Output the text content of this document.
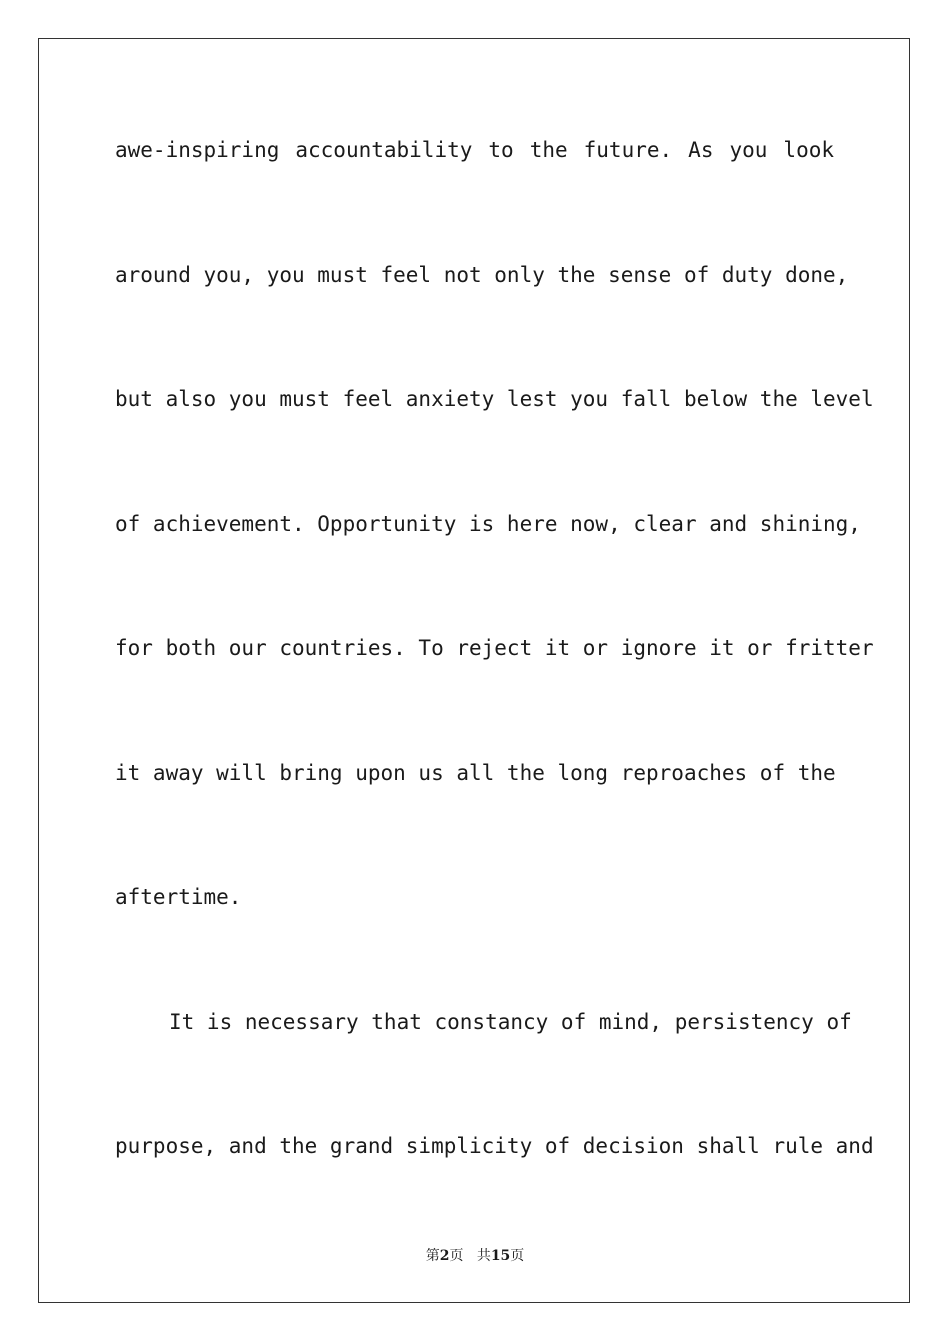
awe-inspiring accountability to the future. As you look
around you, you must feel not only the sense of duty done,
but also you must feel anxiety lest you fall below the level
of achievement. Opportunity is here now, clear and shining,
for both our countries. To reject it or ignore it or fritter
it away will bring upon us all the long reproaches of the
aftertime.
It is necessary that constancy of mind, persistency of
purpose, and the grand simplicity of decision shall rule and
第2页 共15页
